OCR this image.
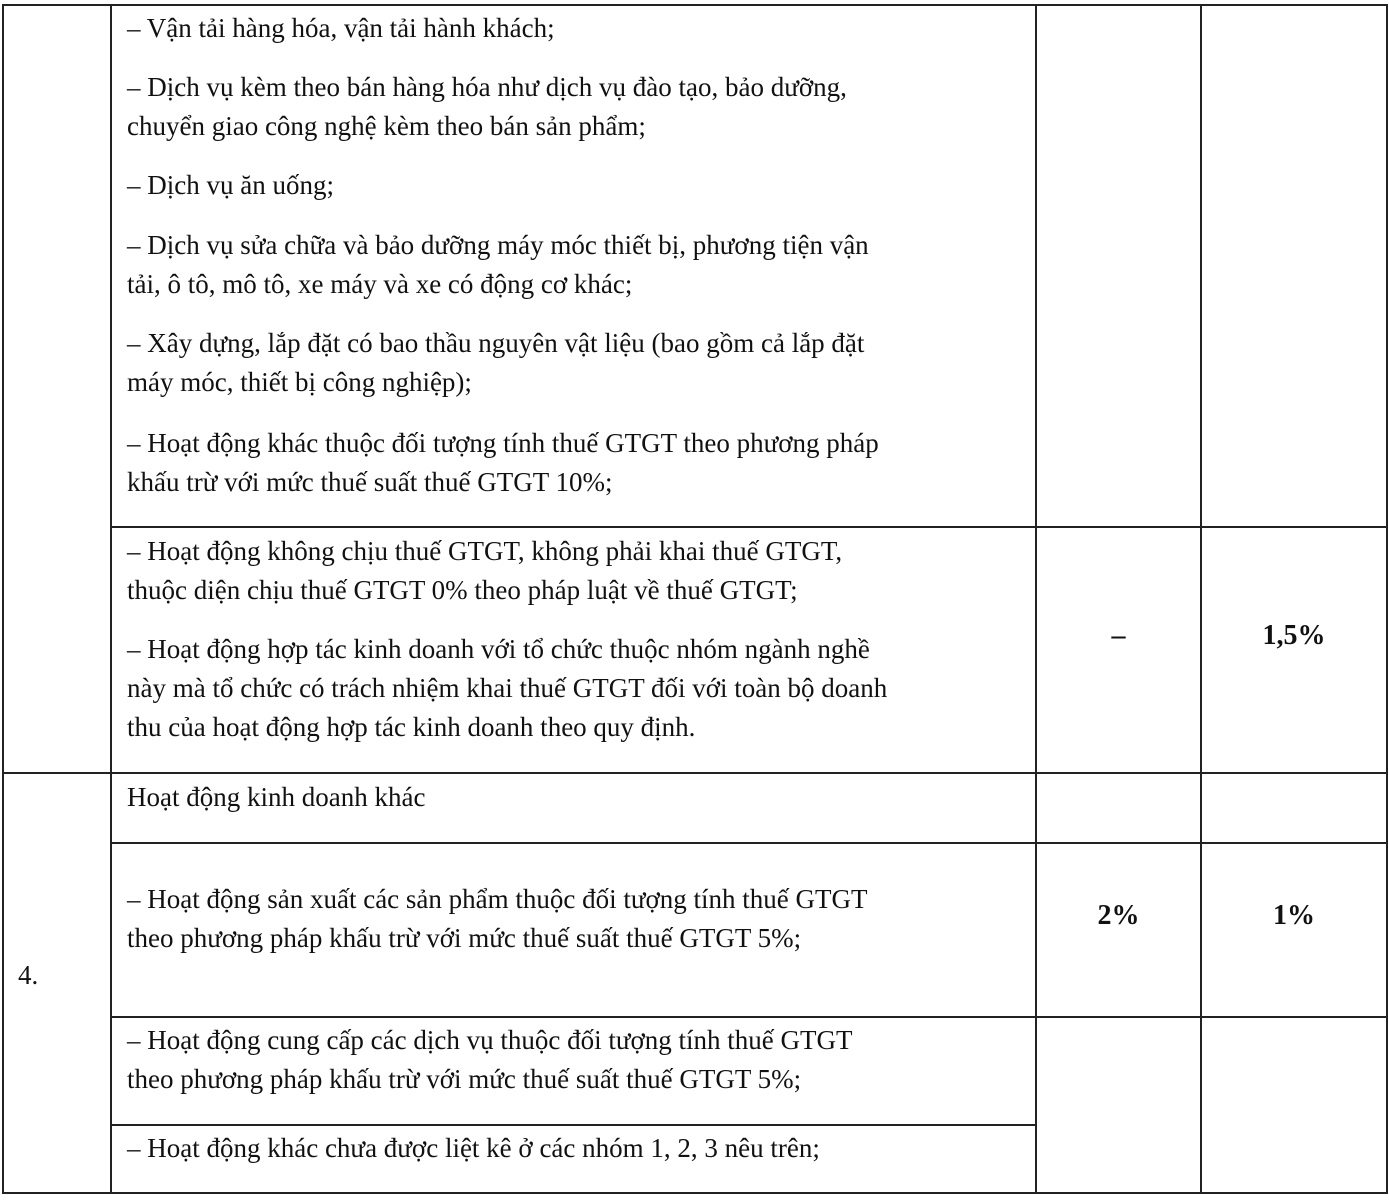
– Vận tải hàng hóa, vận tải hành khách;
– Dịch vụ kèm theo bán hàng hóa như dịch vụ đào tạo, bảo dưỡng,
chuyển giao công nghệ kèm theo bán sản phẩm;
– Dịch vụ ăn uống;
– Dịch vụ sửa chữa và bảo dưỡng máy móc thiết bị, phương tiện vận
tải, ô tô, mô tô, xe máy và xe có động cơ khác;
– Xây dựng, lắp đặt có bao thầu nguyên vật liệu (bao gồm cả lắp đặt
máy móc, thiết bị công nghiệp);
– Hoạt động khác thuộc đối tượng tính thuế GTGT theo phương pháp
khấu trừ với mức thuế suất thuế GTGT 10%;
– Hoạt động không chịu thuế GTGT, không phải khai thuế GTGT,
thuộc diện chịu thuế GTGT 0% theo pháp luật về thuế GTGT;
– Hoạt động hợp tác kinh doanh với tổ chức thuộc nhóm ngành nghề
này mà tổ chức có trách nhiệm khai thuế GTGT đối với toàn bộ doanh
thu của hoạt động hợp tác kinh doanh theo quy định.
–	1,5%
4.
Hoạt động kinh doanh khác
– Hoạt động sản xuất các sản phẩm thuộc đối tượng tính thuế GTGT
theo phương pháp khấu trừ với mức thuế suất thuế GTGT 5%;
2%	1%
– Hoạt động cung cấp các dịch vụ thuộc đối tượng tính thuế GTGT
theo phương pháp khấu trừ với mức thuế suất thuế GTGT 5%;
– Hoạt động khác chưa được liệt kê ở các nhóm 1, 2, 3 nêu trên;
